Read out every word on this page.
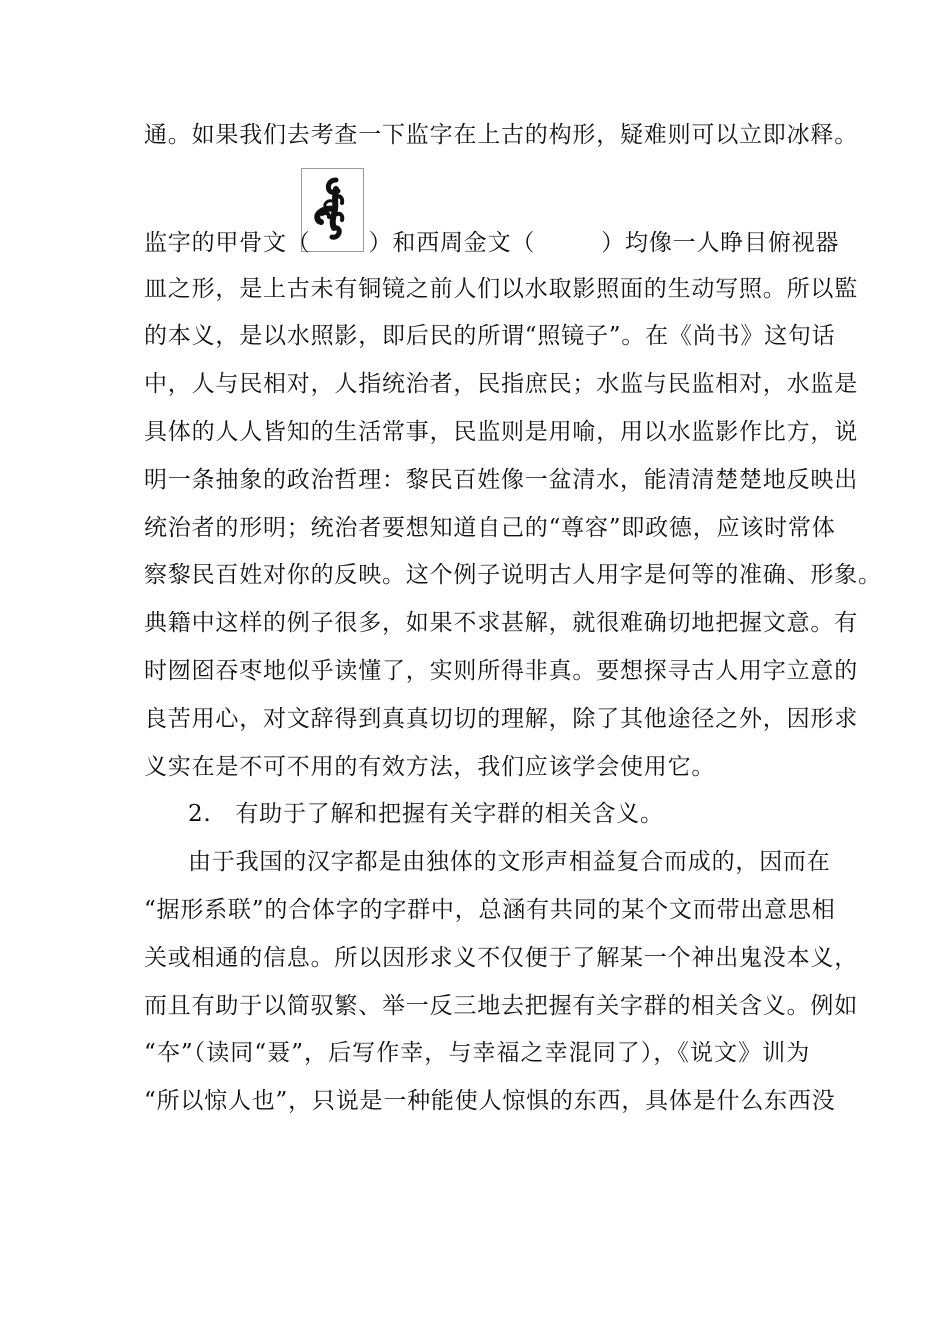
通。如果我们去考查一下监字在上古的构形，疑难则可以立即冰释。
监字的甲骨文（	）和西周金文（	）均像一人睁目俯视器
皿之形，是上古未有铜镜之前人们以水取影照面的生动写照。所以監
的本义，是以水照影，即后民的所谓“照镜子”。在《尚书》这句话
中，人与民相对，人指统治者，民指庶民；水监与民监相对，水监是
具体的人人皆知的生活常事，民监则是用喻，用以水监影作比方，说
明一条抽象的政治哲理：黎民百姓像一盆清水，能清清楚楚地反映出
统治者的形明；统治者要想知道自己的“尊容”即政德，应该时常体
察黎民百姓对你的反映。这个例子说明古人用字是何等的准确、形象。
典籍中这样的例子很多，如果不求甚解，就很难确切地把握文意。有
时囫囵吞枣地似乎读懂了，实则所得非真。要想探寻古人用字立意的
良苦用心，对文辞得到真真切切的理解，除了其他途径之外，因形求
义实在是不可不用的有效方法，我们应该学会使用它。
2.　有助于了解和把握有关字群的相关含义。
由于我国的汉字都是由独体的文形声相益复合而成的，因而在
“据形系联”的合体字的字群中，总涵有共同的某个文而带出意思相
关或相通的信息。所以因形求义不仅便于了解某一个神出鬼没本义，
而且有助于以简驭繁、举一反三地去把握有关字群的相关含义。例如
“夲”（读同“聂”，后写作幸，与幸福之幸混同了），《说文》训为
“所以惊人也”，只说是一种能使人惊惧的东西，具体是什么东西没
